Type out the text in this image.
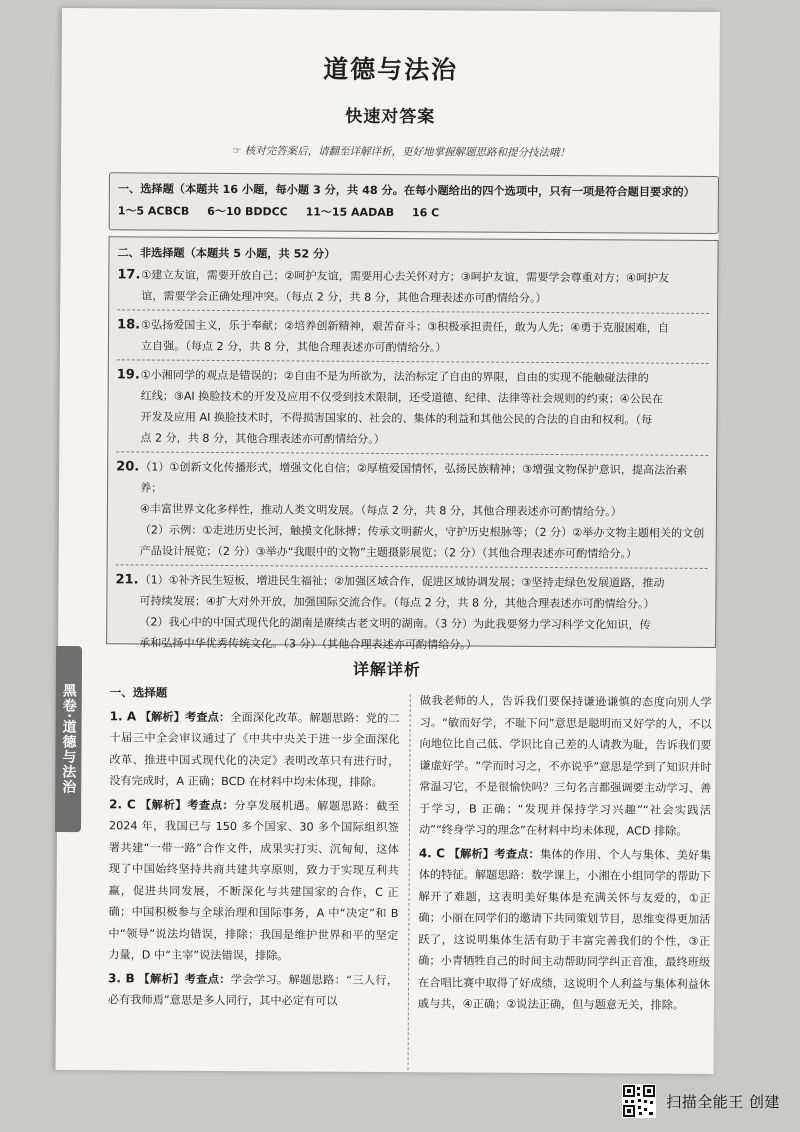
道德与法治
快速对答案
☞ 核对完答案后，请翻至详解详析，更好地掌握解题思路和提分技法哦！
一、选择题（本题共 16 小题，每小题 3 分，共 48 分。在每小题给出的四个选项中，只有一项是符合题目要求的）
1～5 ACBCB 6～10 BDDCC 11～15 AADAB 16 C
二、非选择题（本题共 5 小题，共 52 分）
17. ①建立友谊，需要开放自己；②呵护友谊，需要用心去关怀对方；③呵护友谊，需要学会尊重对方；④呵护友

谊，需要学会正确处理冲突。（每点 2 分，共 8 分，其他合理表述亦可酌情给分。）

18. ①弘扬爱国主义，乐于奉献；②培养创新精神，艰苦奋斗；③积极承担责任，敢为人先；④勇于克服困难，自

立自强。（每点 2 分，共 8 分，其他合理表述亦可酌情给分。）

19. ①小湘同学的观点是错误的；②自由不是为所欲为，法治标定了自由的界限，自由的实现不能触碰法律的

红线；③AI 换脸技术的开发及应用不仅受到技术限制，还受道德、纪律、法律等社会规则的约束；④公民在

开发及应用 AI 换脸技术时，不得损害国家的、社会的、集体的利益和其他公民的合法的自由和权利。（每

点 2 分，共 8 分，其他合理表述亦可酌情给分。）

20. （1）①创新文化传播形式，增强文化自信；②厚植爱国情怀，弘扬民族精神；③增强文物保护意识，提高法治素养；

④丰富世界文化多样性，推动人类文明发展。（每点 2 分，共 8 分，其他合理表述亦可酌情给分。）

（2）示例：①走进历史长河，触摸文化脉搏；传承文明薪火，守护历史根脉等；（2 分）②举办文物主题相关的文创

产品设计展览；（2 分）③举办“我眼中的文物”主题摄影展览；（2 分）（其他合理表述亦可酌情给分。）

21. （1）①补齐民生短板，增进民生福祉；②加强区域合作，促进区域协调发展；③坚持走绿色发展道路，推动

可持续发展；④扩大对外开放，加强国际交流合作。（每点 2 分，共 8 分，其他合理表述亦可酌情给分。）

（2）我心中的中国式现代化的湖南是赓续古老文明的湖南。（3 分）为此我要努力学习科学文化知识，传

承和弘扬中华优秀传统文化。（3 分）（其他合理表述亦可酌情给分。）

黑卷·道德与法治
详解详析
一、选择题
1. A 【解析】考查点：全面深化改革。解题思路：党的二十届三中全会审议通过了《中共中央关于进一步全面深化改革、推进中国式现代化的决定》表明改革只有进行时，没有完成时，A 正确；BCD 在材料中均未体现，排除。
2. C 【解析】考查点：分享发展机遇。解题思路：截至 2024 年，我国已与 150 多个国家、30 多个国际组织签署共建“一带一路”合作文件，成果实打实、沉甸甸，这体现了中国始终坚持共商共建共享原则，致力于实现互利共赢，促进共同发展，不断深化与共建国家的合作，C 正确；中国积极参与全球治理和国际事务，A 中“决定”和 B 中“领导”说法均错误，排除；我国是维护世界和平的坚定力量，D 中“主宰”说法错误，排除。
3. B 【解析】考查点：学会学习。解题思路：“三人行，必有我师焉”意思是多人同行，其中必定有可以
做我老师的人，告诉我们要保持谦逊谦慎的态度向别人学习。“敏而好学，不耻下问”意思是聪明而又好学的人，不以向地位比自己低、学识比自己差的人请教为耻，告诉我们要谦虚好学。“学而时习之，不亦说乎”意思是学到了知识并时常温习它，不是很愉快吗？三句名言都强调要主动学习、善于学习，B 正确；“发现并保持学习兴趣”“社会实践活动”“终身学习的理念”在材料中均未体现，ACD 排除。
4. C 【解析】考查点：集体的作用、个人与集体、美好集体的特征。解题思路：数学课上，小湘在小组同学的帮助下解开了难题，这表明美好集体是充满关怀与友爱的，①正确；小丽在同学们的邀请下共同策划节目，思维变得更加活跃了，这说明集体生活有助于丰富完善我们的个性，③正确；小青牺牲自己的时间主动帮助同学纠正音准，最终班级在合唱比赛中取得了好成绩，这说明个人利益与集体利益休戚与共，④正确；②说法正确，但与题意无关，排除。
扫描全能王 创建
